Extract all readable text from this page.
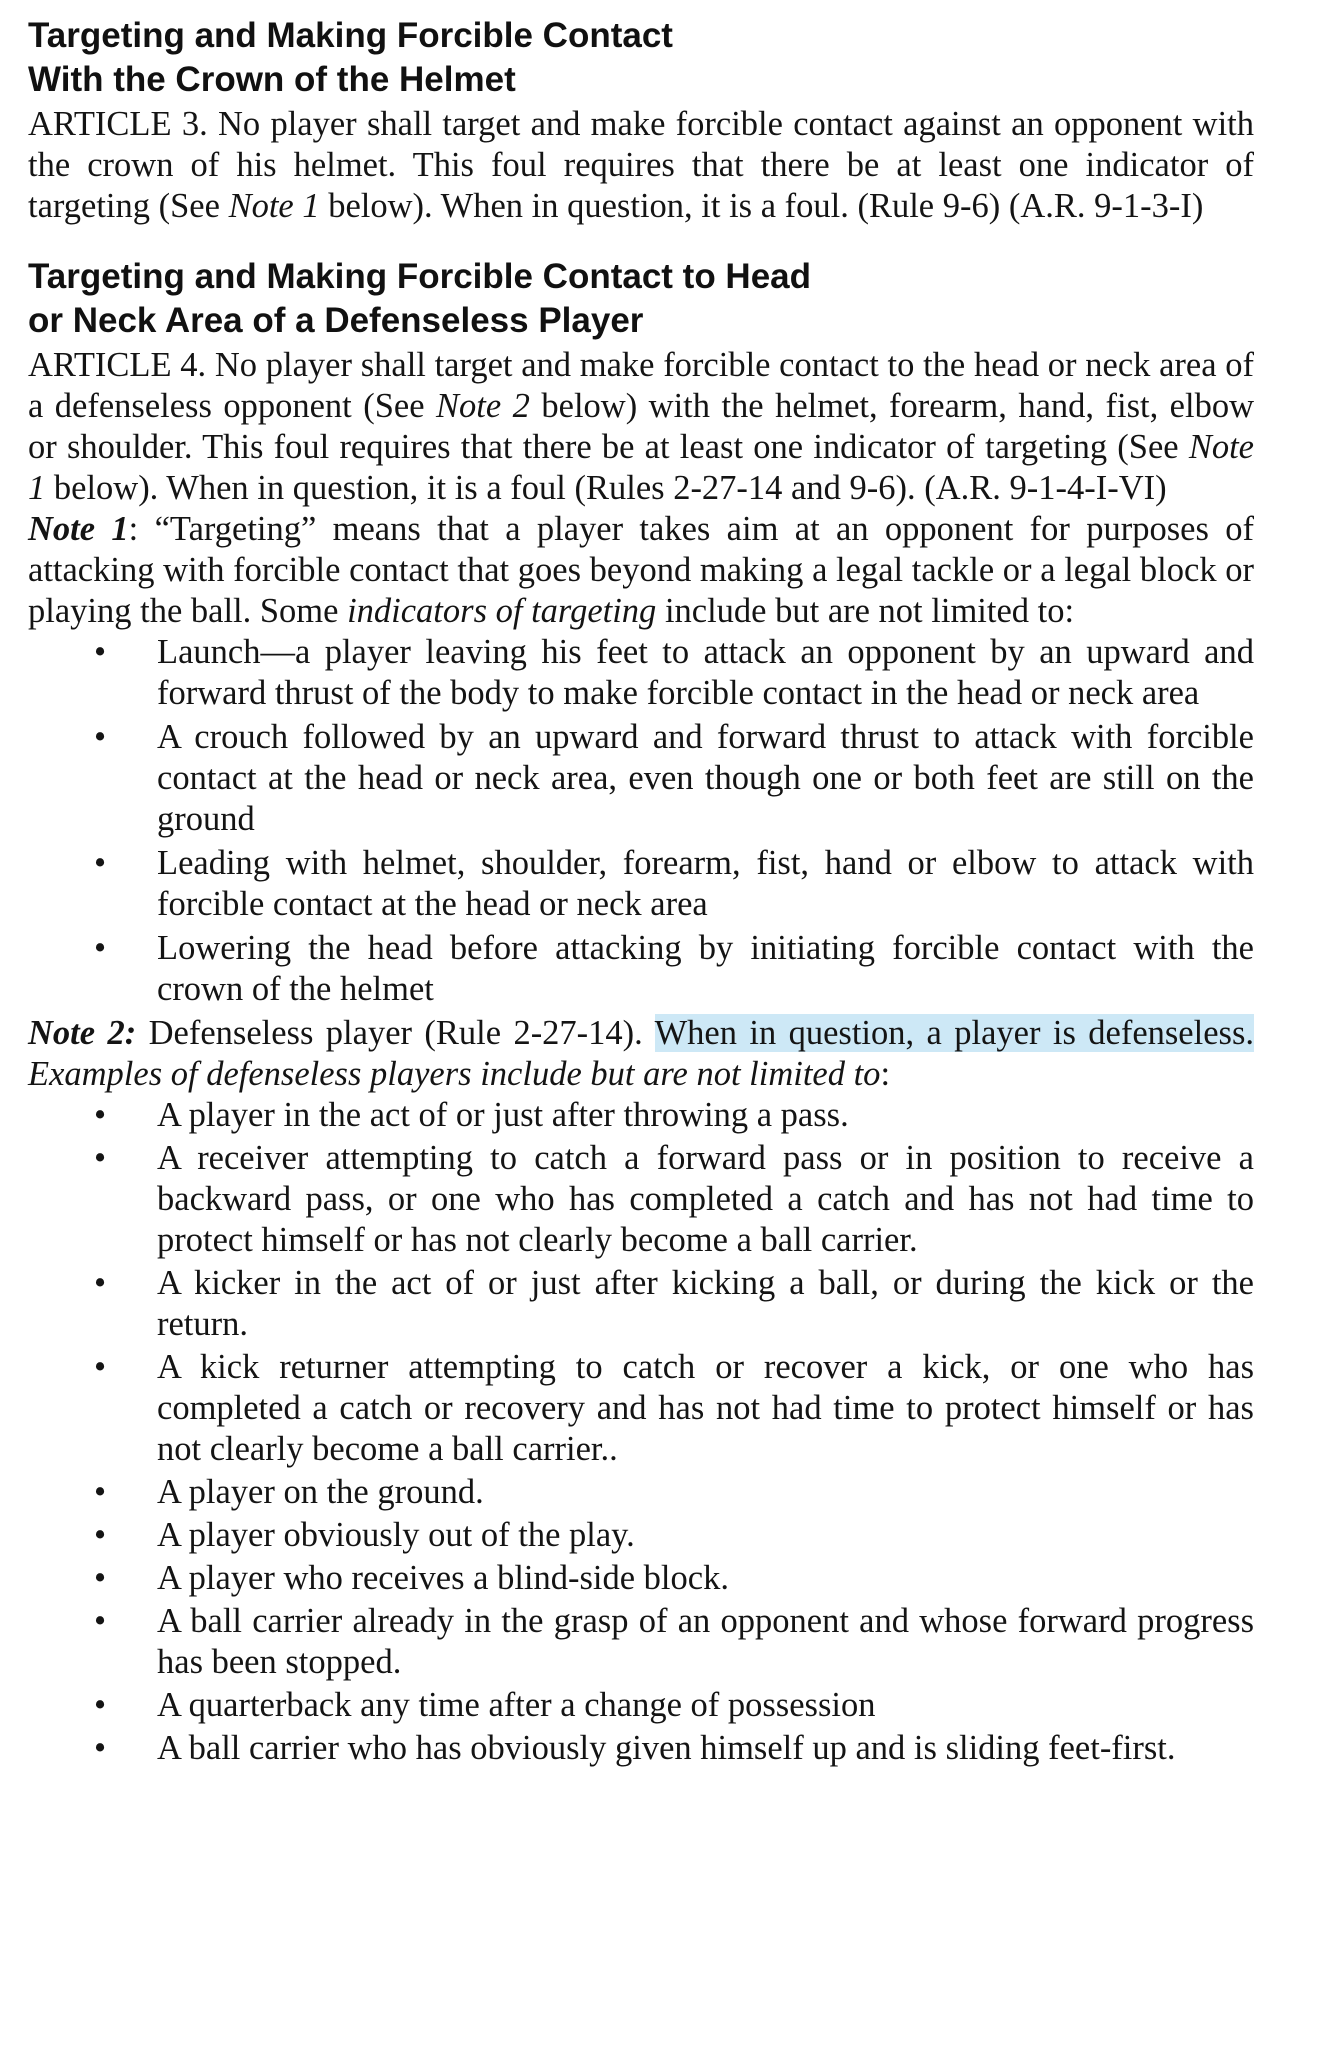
Targeting and Making Forcible Contact
With the Crown of the Helmet

ARTICLE 3. No player shall target and make forcible contact against an opponent with the crown of his helmet. This foul requires that there be at least one indicator of targeting (See Note 1 below). When in question, it is a foul. (Rule 9-6) (A.R. 9-1-3-I)

Targeting and Making Forcible Contact to Head
or Neck Area of a Defenseless Player

ARTICLE 4. No player shall target and make forcible contact to the head or neck area of a defenseless opponent (See Note 2 below) with the helmet, forearm, hand, fist, elbow or shoulder. This foul requires that there be at least one indicator of targeting (See Note 1 below). When in question, it is a foul (Rules 2-27-14 and 9-6). (A.R. 9-1-4-I-VI)

Note 1: “Targeting” means that a player takes aim at an opponent for purposes of attacking with forcible contact that goes beyond making a legal tackle or a legal block or playing the ball. Some indicators of targeting include but are not limited to:

• Launch—a player leaving his feet to attack an opponent by an upward and forward thrust of the body to make forcible contact in the head or neck area
• A crouch followed by an upward and forward thrust to attack with forcible contact at the head or neck area, even though one or both feet are still on the ground
• Leading with helmet, shoulder, forearm, fist, hand or elbow to attack with forcible contact at the head or neck area
• Lowering the head before attacking by initiating forcible contact with the crown of the helmet

Note 2: Defenseless player (Rule 2-27-14). When in question, a player is defenseless. Examples of defenseless players include but are not limited to:

• A player in the act of or just after throwing a pass.
• A receiver attempting to catch a forward pass or in position to receive a backward pass, or one who has completed a catch and has not had time to protect himself or has not clearly become a ball carrier.
• A kicker in the act of or just after kicking a ball, or during the kick or the return.
• A kick returner attempting to catch or recover a kick, or one who has completed a catch or recovery and has not had time to protect himself or has not clearly become a ball carrier..
• A player on the ground.
• A player obviously out of the play.
• A player who receives a blind-side block.
• A ball carrier already in the grasp of an opponent and whose forward progress has been stopped.
• A quarterback any time after a change of possession
• A ball carrier who has obviously given himself up and is sliding feet-first.
